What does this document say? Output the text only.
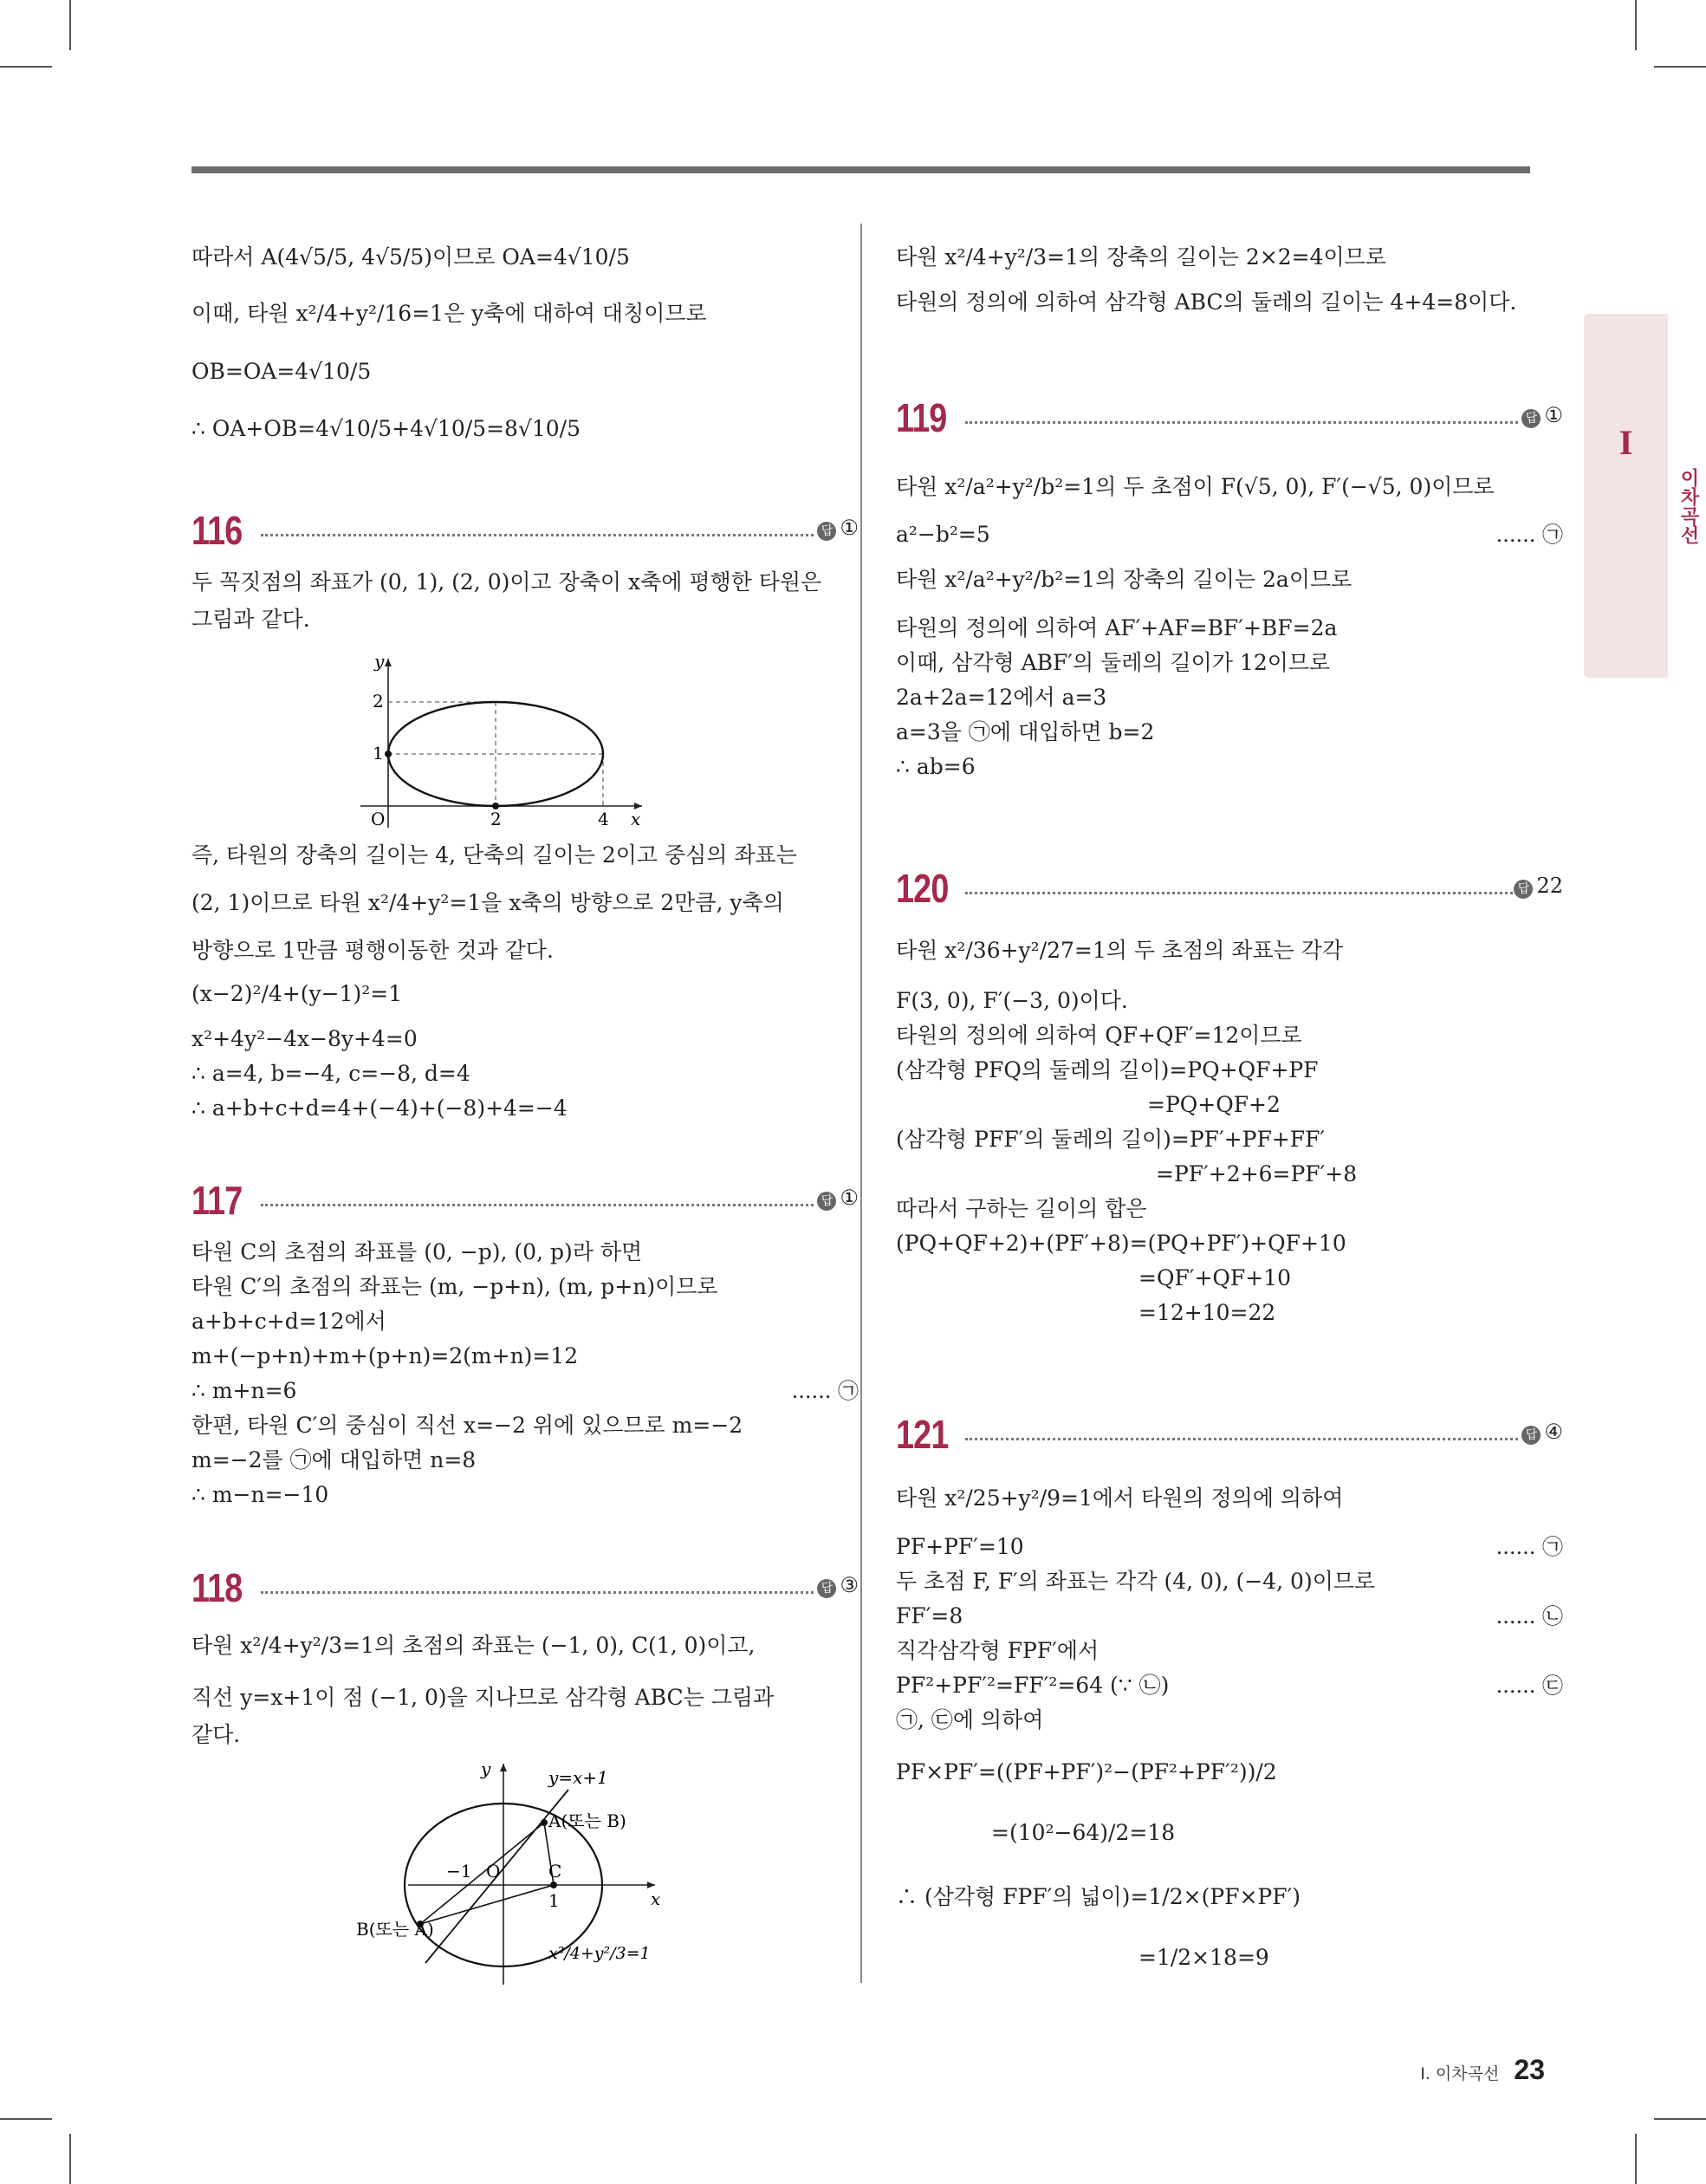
I
이차곡선
따라서 A(4√5/5, 4√5/5)이므로 OA=4√10/5
이때, 타원 x²/4+y²/16=1은 y축에 대하여 대칭이므로
OB=OA=4√10/5
∴ OA+OB=4√10/5+4√10/5=8√10/5
116	답 ①
두 꼭짓점의 좌표가 (0, 1), (2, 0)이고 장축이 x축에 평행한 타원은
그림과 같다.
y
2
1
O	2	4 x
즉, 타원의 장축의 길이는 4, 단축의 길이는 2이고 중심의 좌표는
(2, 1)이므로 타원 x²/4+y²=1을 x축의 방향으로 2만큼, y축의
방향으로 1만큼 평행이동한 것과 같다.
(x−2)²/4+(y−1)²=1
x²+4y²−4x−8y+4=0
∴ a=4, b=−4, c=−8, d=4
∴ a+b+c+d=4+(−4)+(−8)+4=−4
117	답 ①
타원 C의 초점의 좌표를 (0, −p), (0, p)라 하면
타원 C′의 초점의 좌표는 (m, −p+n), (m, p+n)이므로
a+b+c+d=12에서
m+(−p+n)+m+(p+n)=2(m+n)=12
∴ m+n=6	...... ㉠
한편, 타원 C′의 중심이 직선 x=−2 위에 있으므로 m=−2
m=−2를 ㉠에 대입하면 n=8
∴ m−n=−10
118	답 ③
타원 x²/4+y²/3=1의 초점의 좌표는 (−1, 0), C(1, 0)이고,
직선 y=x+1이 점 (−1, 0)을 지나므로 삼각형 ABC는 그림과
같다.
y
x
y=x+1
A(또는 B)
B(또는 A)
C
−1 O
1
x²/4+y²/3=1
타원 x²/4+y²/3=1의 장축의 길이는 2×2=4이므로
타원의 정의에 의하여 삼각형 ABC의 둘레의 길이는 4+4=8이다.
119	답 ①
타원 x²/a²+y²/b²=1의 두 초점이 F(√5, 0), F′(−√5, 0)이므로
a²−b²=5	...... ㉠
타원 x²/a²+y²/b²=1의 장축의 길이는 2a이므로
타원의 정의에 의하여 AF′+AF=BF′+BF=2a
이때, 삼각형 ABF′의 둘레의 길이가 12이므로
2a+2a=12에서 a=3
a=3을 ㉠에 대입하면 b=2
∴ ab=6
120	답 22
타원 x²/36+y²/27=1의 두 초점의 좌표는 각각
F(3, 0), F′(−3, 0)이다.
타원의 정의에 의하여 QF+QF′=12이므로
(삼각형 PFQ의 둘레의 길이)=PQ+QF+PF
=PQ+QF+2
(삼각형 PFF′의 둘레의 길이)=PF′+PF+FF′
=PF′+2+6=PF′+8
따라서 구하는 길이의 합은
(PQ+QF+2)+(PF′+8)=(PQ+PF′)+QF+10
=QF′+QF+10
=12+10=22
121	답 ④
타원 x²/25+y²/9=1에서 타원의 정의에 의하여
PF+PF′=10	...... ㉠
두 초점 F, F′의 좌표는 각각 (4, 0), (−4, 0)이므로
FF′=8	...... ㉡
직각삼각형 FPF′에서
PF²+PF′²=FF′²=64 (∵ ㉡)	...... ㉢
㉠, ㉢에 의하여
PF×PF′=((PF+PF′)²−(PF²+PF′²))/2
=(10²−64)/2=18
∴ (삼각형 FPF′의 넓이)=1/2×(PF×PF′)
=1/2×18=9
Ⅰ. 이차곡선 23
